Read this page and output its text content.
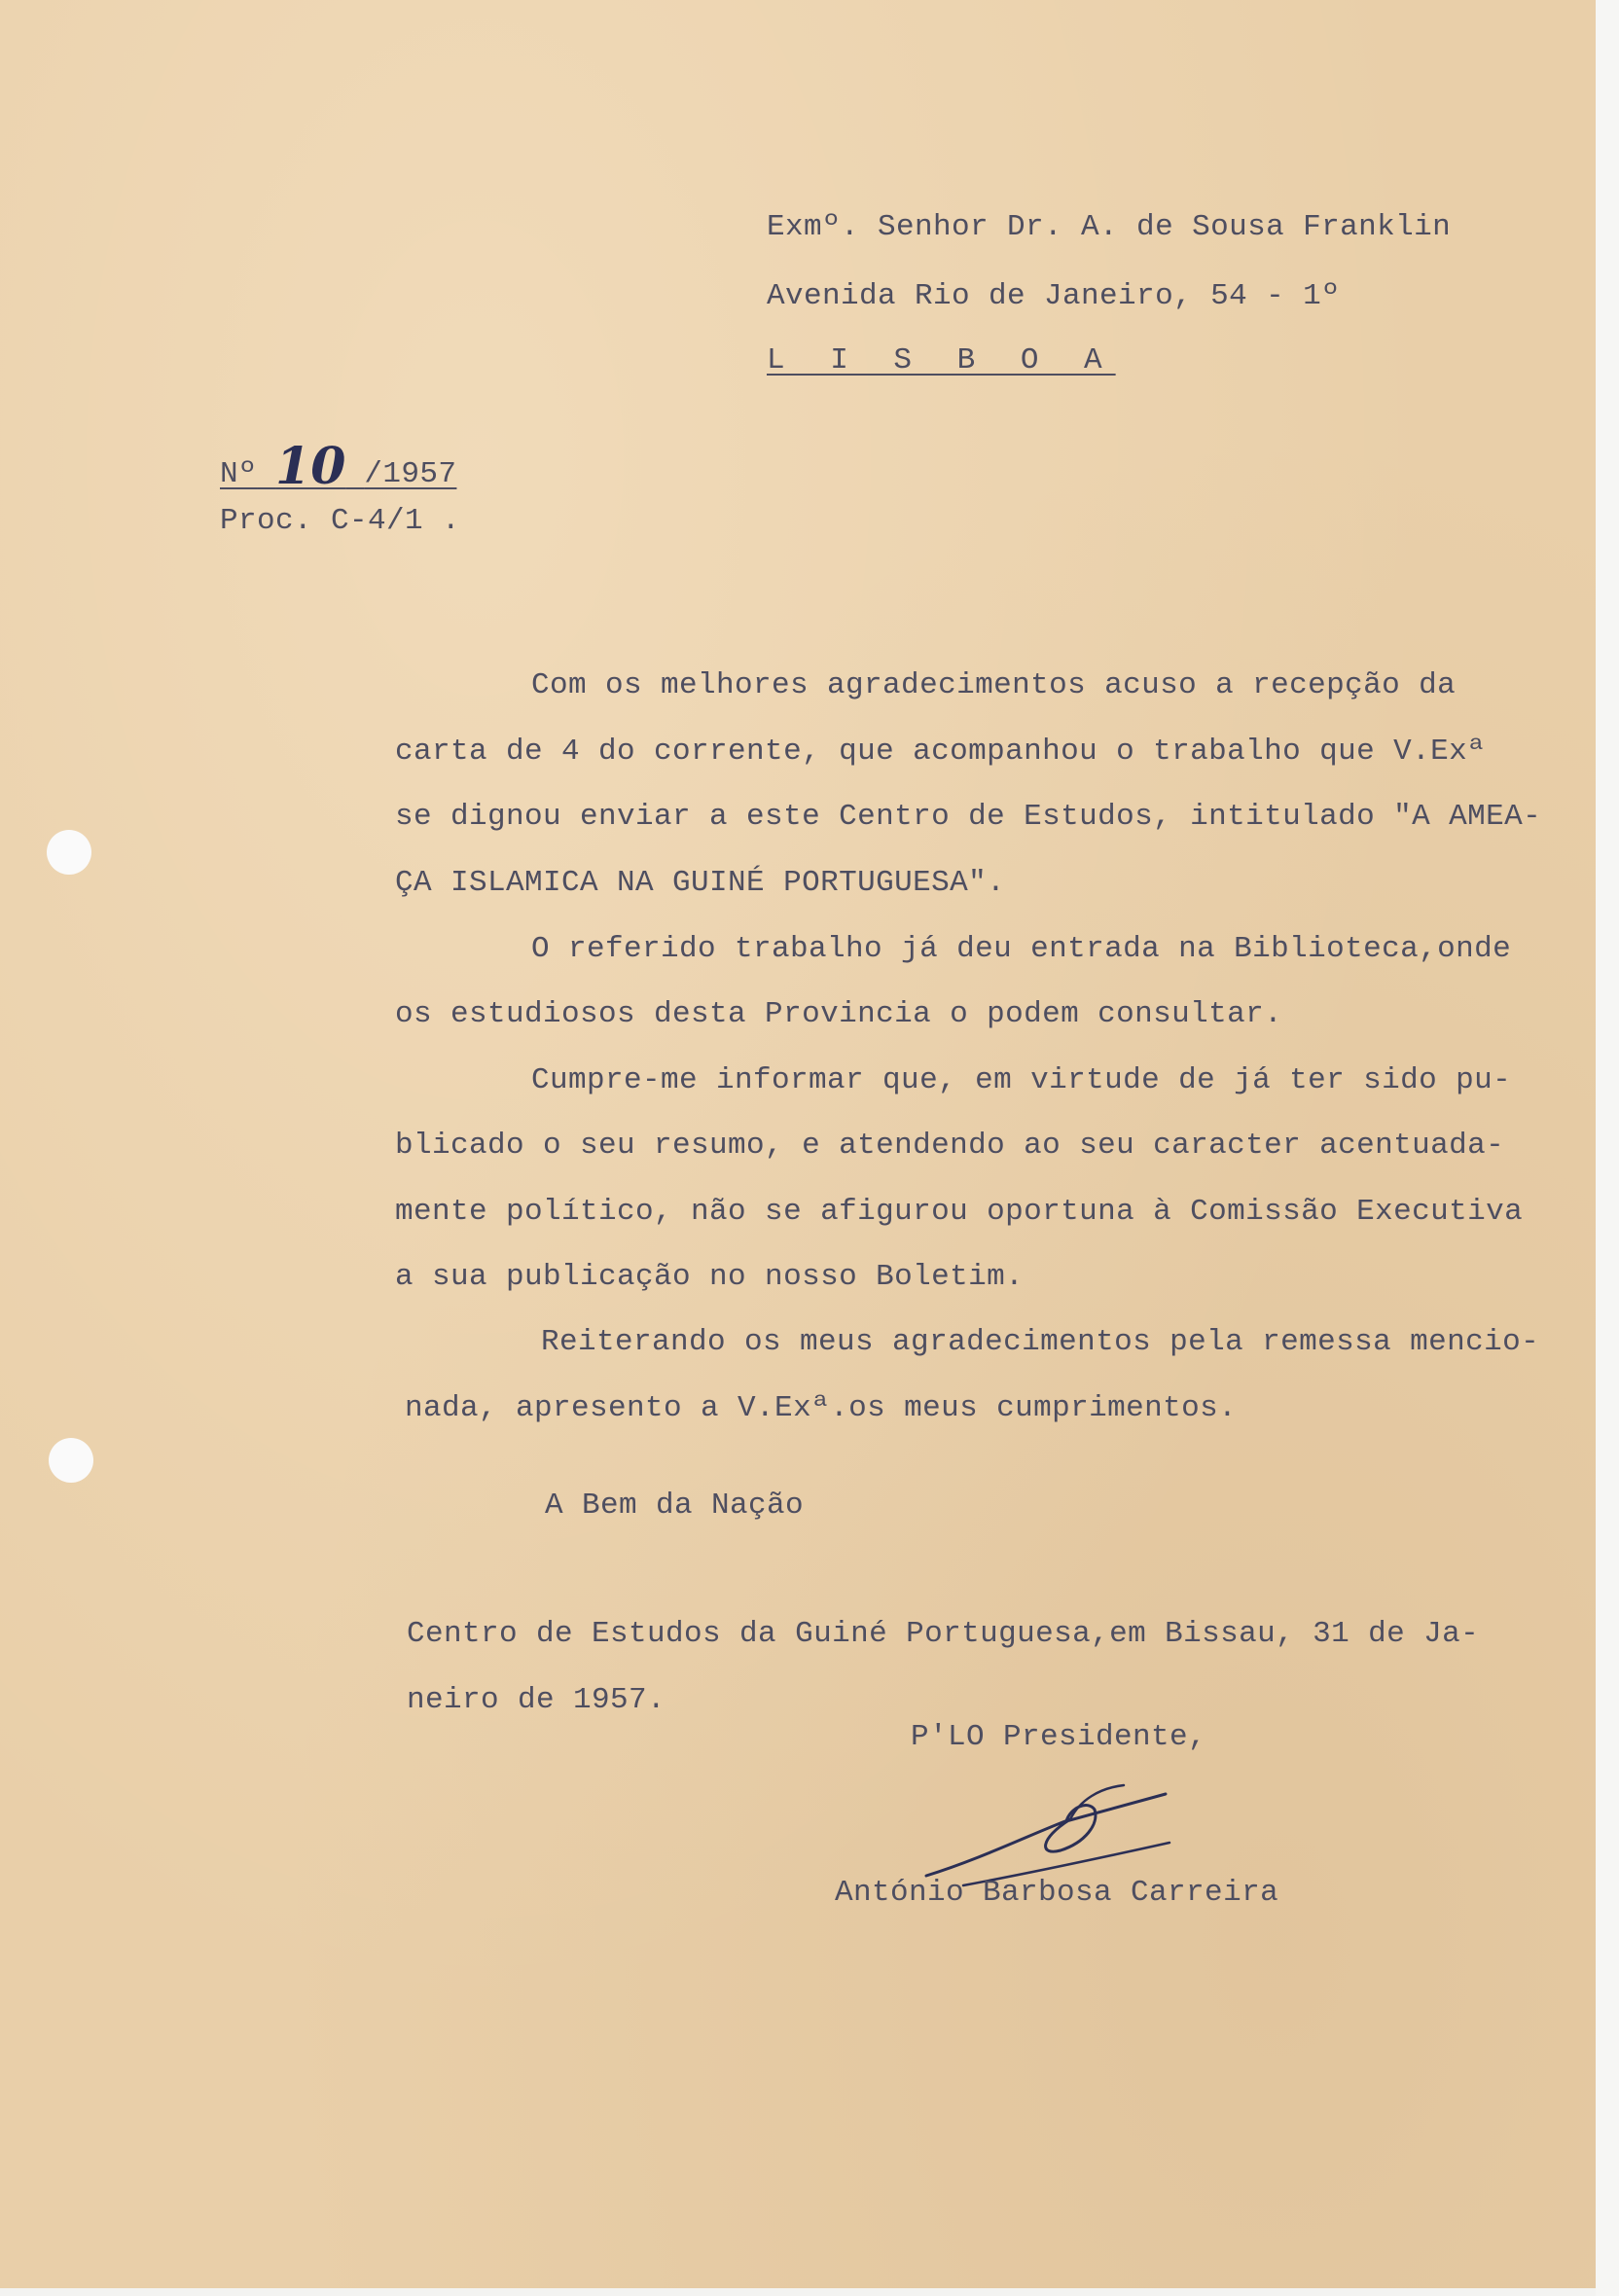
Exmº. Senhor Dr. A. de Sousa Franklin
Avenida Rio de Janeiro, 54 - 1º
L I S B O A
Nº 10 /1957
Proc. C-4/1 .
Com os melhores agradecimentos acuso a recepção da
carta de 4 do corrente, que acompanhou o trabalho que V.Exª
se dignou enviar a este Centro de Estudos, intitulado "A AMEA-
ÇA ISLAMICA NA GUINÉ PORTUGUESA".
O referido trabalho já deu entrada na Biblioteca,onde
os estudiosos desta Provincia o podem consultar.
Cumpre-me informar que, em virtude de já ter sido pu-
blicado o seu resumo, e atendendo ao seu caracter acentuada-
mente político, não se afigurou oportuna à Comissão Executiva
a sua publicação no nosso Boletim.
Reiterando os meus agradecimentos pela remessa mencio-
nada, apresento a V.Exª.os meus cumprimentos.
A Bem da Nação
Centro de Estudos da Guiné Portuguesa,em Bissau, 31 de Ja-
neiro de 1957.
P'LO Presidente,
António Barbosa Carreira
